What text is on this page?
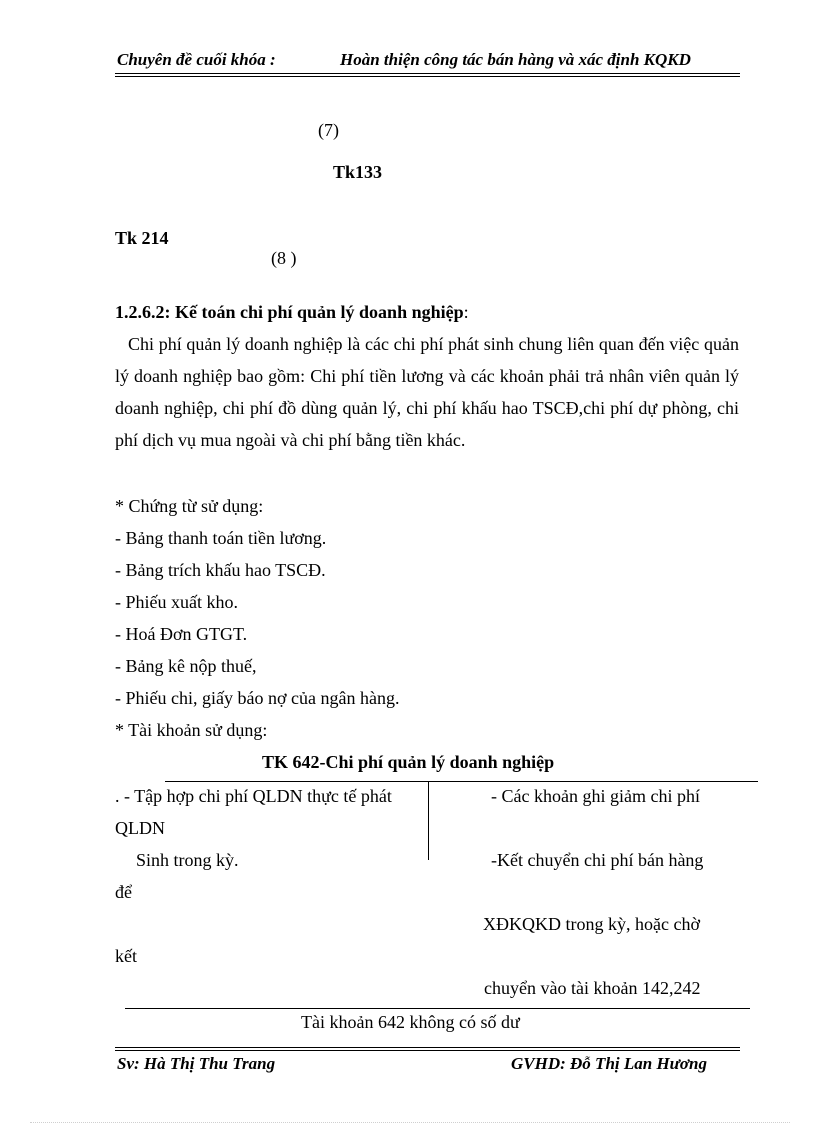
Chuyên đề cuối khóa :	Hoàn thiện công tác bán hàng và xác định KQKD
(7)
Tk133
Tk 214
(8 )
1.2.6.2: Kế toán chi phí quản lý doanh nghiệp:
Chi phí quản lý doanh nghiệp là các chi phí phát sinh chung liên quan đến việc quản lý doanh nghiệp bao gồm: Chi phí tiền lương và các khoản phải trả nhân viên quản lý doanh nghiệp, chi phí đồ dùng quản lý, chi phí khấu hao TSCĐ,chi phí dự phòng, chi phí dịch vụ mua ngoài và chi phí bằng tiền khác.
* Chứng từ sử dụng:
- Bảng thanh toán tiền lương.
- Bảng trích khấu hao TSCĐ.
- Phiếu xuất kho.
- Hoá Đơn GTGT.
- Bảng kê nộp thuế,
- Phiếu chi, giấy báo nợ của ngân hàng.
* Tài khoản sử dụng:
TK 642-Chi phí quản lý doanh nghiệp
. - Tập hợp chi phí QLDN thực tế phát
QLDN
Sinh trong kỳ.
để
kết
- Các khoản ghi giảm chi phí
-Kết chuyển chi phí bán hàng
XĐKQKD trong kỳ, hoặc chờ
chuyển vào tài khoản 142,242
Tài khoản 642 không có số dư
Sv: Hà Thị Thu Trang	GVHD: Đỗ Thị Lan Hương
